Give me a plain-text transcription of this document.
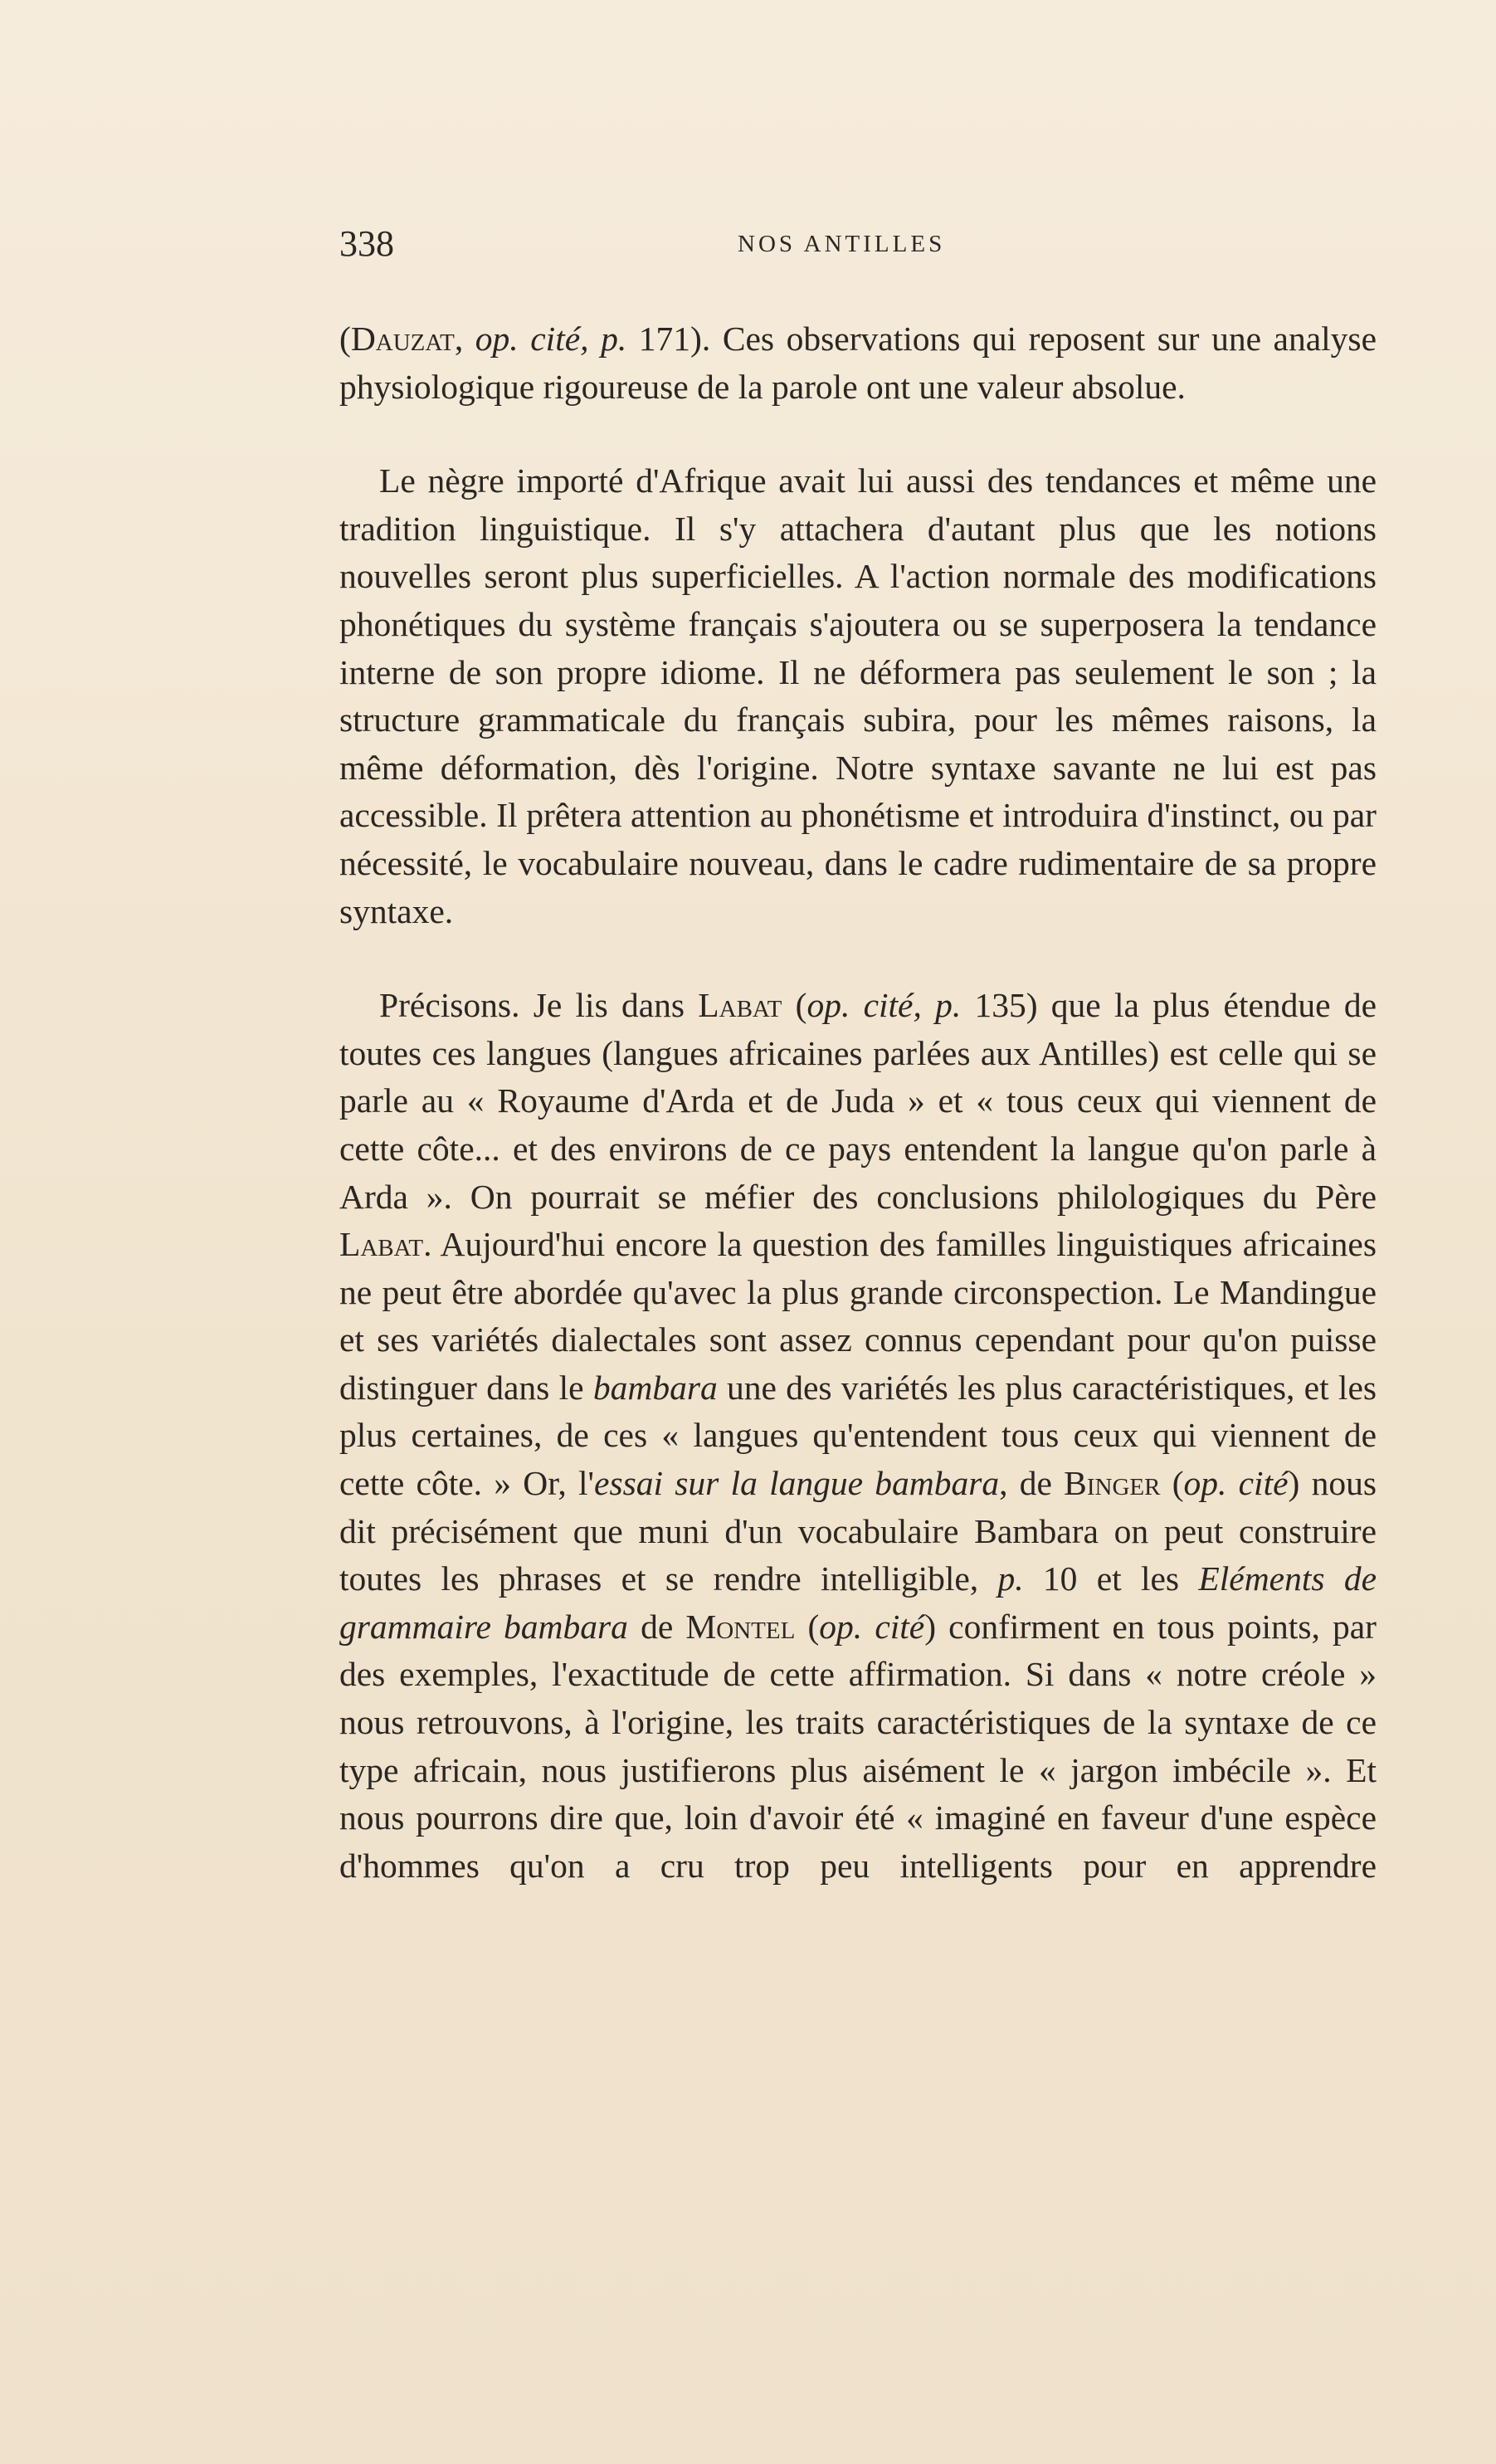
338	NOS ANTILLES

(Dauzat, op. cité, p. 171). Ces observations qui reposent sur une analyse physiologique rigoureuse de la parole ont une valeur absolue.

Le nègre importé d'Afrique avait lui aussi des tendances et même une tradition linguistique. Il s'y attachera d'autant plus que les notions nouvelles seront plus superficielles. A l'action normale des modifications phonétiques du système français s'ajoutera ou se superposera la tendance interne de son propre idiome. Il ne déformera pas seulement le son ; la structure grammaticale du français subira, pour les mêmes raisons, la même déformation, dès l'origine. Notre syntaxe savante ne lui est pas accessible. Il prêtera attention au phonétisme et introduira d'instinct, ou par nécessité, le vocabulaire nouveau, dans le cadre rudimentaire de sa propre syntaxe.

Précisons. Je lis dans Labat (op. cité, p. 135) que la plus étendue de toutes ces langues (langues africaines parlées aux Antilles) est celle qui se parle au « Royaume d'Arda et de Juda » et « tous ceux qui viennent de cette côte... et des environs de ce pays entendent la langue qu'on parle à Arda ». On pourrait se méfier des conclusions philologiques du Père Labat. Aujourd'hui encore la question des familles linguistiques africaines ne peut être abordée qu'avec la plus grande circonspection. Le Mandingue et ses variétés dialectales sont assez connus cependant pour qu'on puisse distinguer dans le bambara une des variétés les plus caractéristiques, et les plus certaines, de ces « langues qu'entendent tous ceux qui viennent de cette côte. » Or, l'essai sur la langue bambara, de Binger (op. cité) nous dit précisément que muni d'un vocabulaire Bambara on peut construire toutes les phrases et se rendre intelligible, p. 10 et les Eléments de grammaire bambara de Montel (op. cité) confirment en tous points, par des exemples, l'exactitude de cette affirmation. Si dans « notre créole » nous retrouvons, à l'origine, les traits caractéristiques de la syntaxe de ce type africain, nous justifierons plus aisément le « jargon imbécile ». Et nous pourrons dire que, loin d'avoir été « imaginé en faveur d'une espèce d'hommes qu'on a cru trop peu intelligents pour en apprendre
